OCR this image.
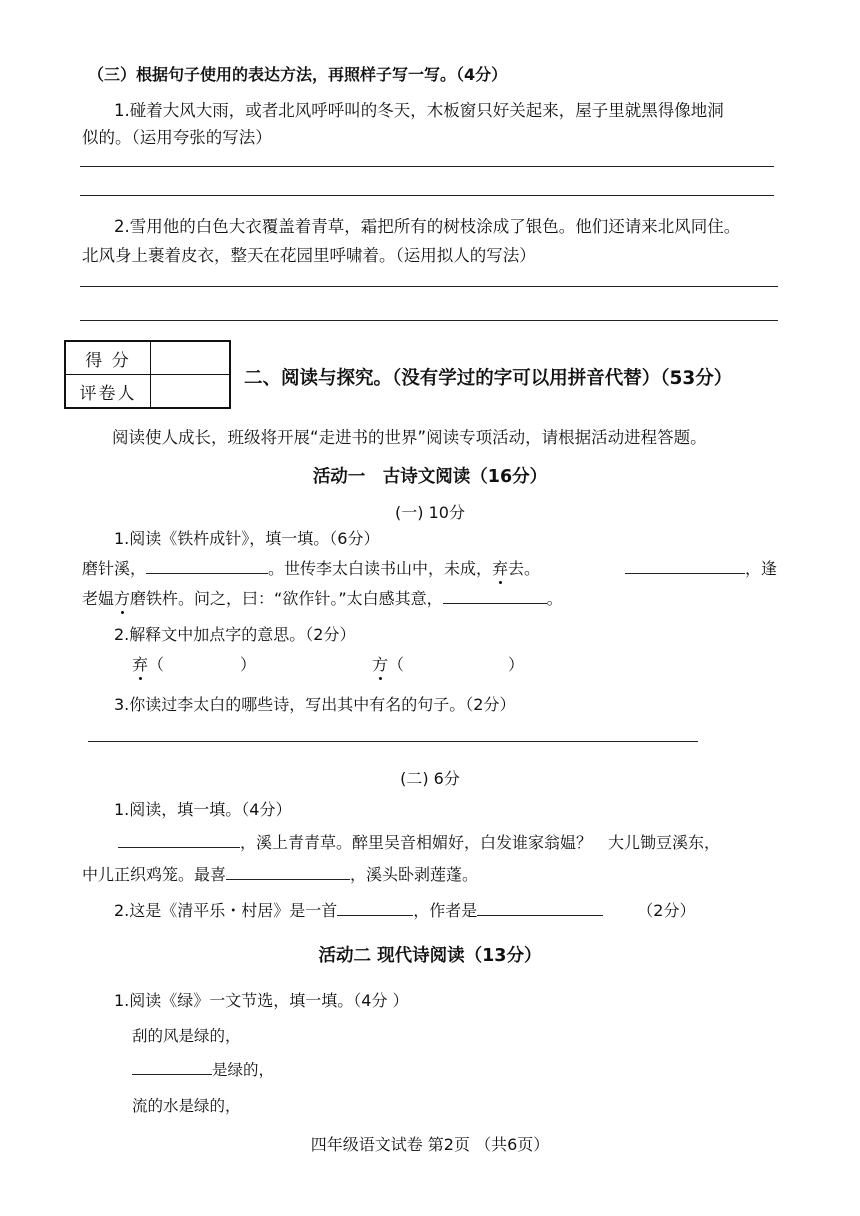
（三）根据句子使用的表达方法，再照样子写一写。（4分）
1.碰着大风大雨，或者北风呼呼叫的冬天，木板窗只好关起来，屋子里就黑得像地洞
似的。（运用夸张的写法）
2.雪用他的白色大衣覆盖着青草，霜把所有的树枝涂成了银色。他们还请来北风同住。
北风身上裹着皮衣，整天在花园里呼啸着。（运用拟人的写法）
得 分	
评卷人	
二、阅读与探究。（没有学过的字可以用拼音代替）（53分）
阅读使人成长，班级将开展“走进书的世界”阅读专项活动，请根据活动进程答题。
活动一　古诗文阅读（16分）
(一) 10分
1.阅读《铁杵成针》，填一填。（6分）
磨针溪，	。世传李太白读书山中，未成，弃去。	，逢
老媪方磨铁杵。问之，曰：“欲作针。”太白感其意，	。
2.解释文中加点字的意思。（2分）
弃（	）	方（	）
3.你读过李太白的哪些诗，写出其中有名的句子。（2分）
(二) 6分
1.阅读，填一填。（4分）
，溪上青青草。醉里吴音相媚好，白发谁家翁媪？　大儿锄豆溪东，
中儿正织鸡笼。最喜	，溪头卧剥莲蓬。
2.这是《清平乐・村居》是一首	，作者是	（2分）
活动二 现代诗阅读（13分）
1.阅读《绿》一文节选，填一填。（4分 ）
刮的风是绿的，
是绿的，
流的水是绿的，
四年级语文试卷 第2页 （共6页）
